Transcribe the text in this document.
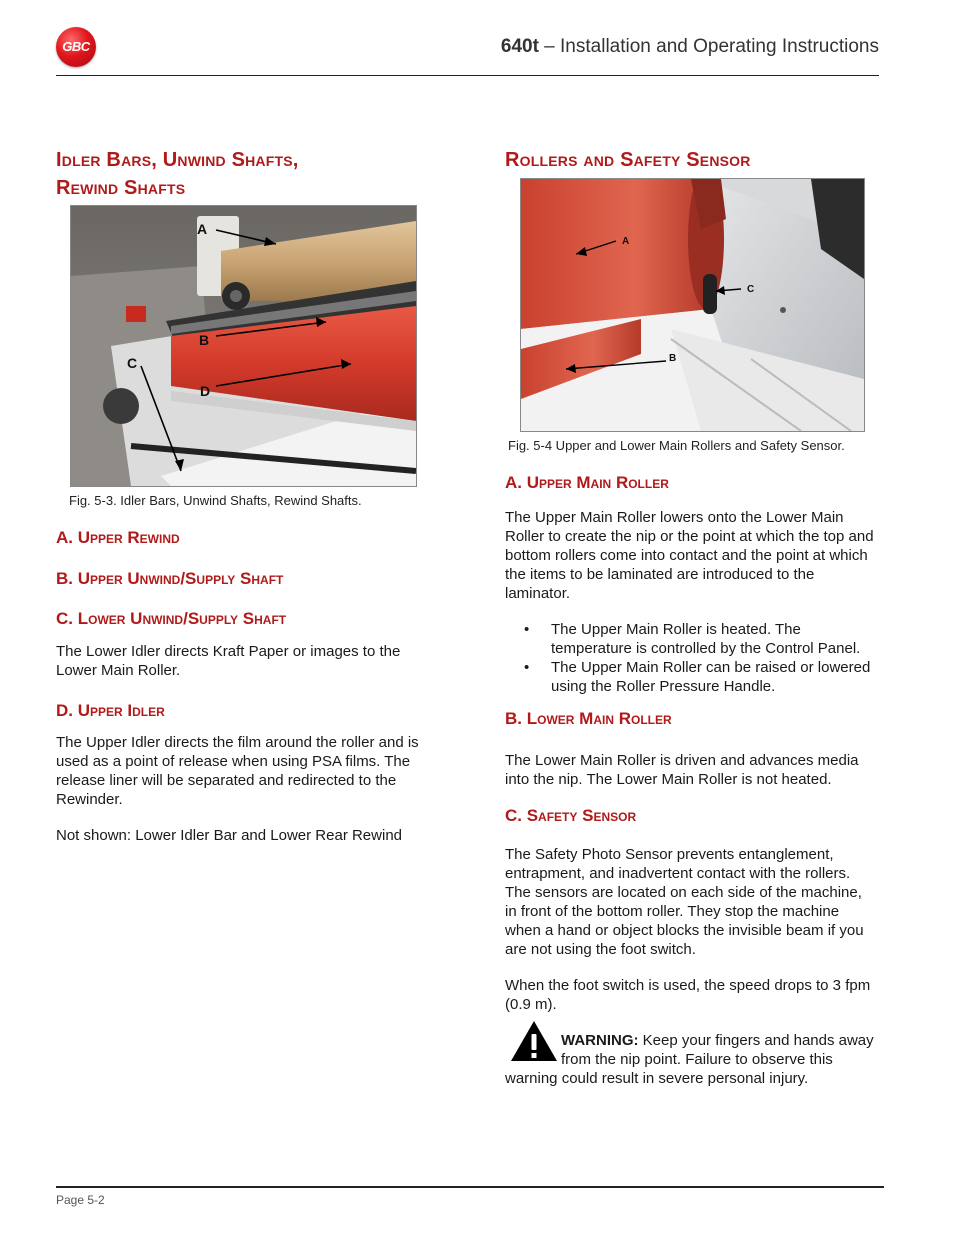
GBC	640t – Installation and Operating Instructions
Idler Bars, Unwind Shafts,
Rewind Shafts
A
B
C
D
Fig. 5-3. Idler Bars, Unwind Shafts, Rewind Shafts.
A. Upper Rewind
B. Upper Unwind/Supply Shaft
C. Lower Unwind/Supply Shaft
The Lower Idler directs Kraft Paper or images to the Lower Main Roller.
D. Upper Idler
The Upper Idler directs the film around the roller and is used as a point of release when using PSA films. The release liner will be separated and redirected to the Rewinder.
Not shown: Lower Idler Bar and Lower Rear Rewind
Rollers and Safety Sensor
A
B
C
Fig. 5-4 Upper and Lower Main Rollers and Safety Sensor.
A. Upper Main Roller
The Upper Main Roller lowers onto the Lower Main Roller to create the nip or the point at which the top and bottom rollers come into contact and the point at which the items to be laminated are introduced to the laminator.
• The Upper Main Roller is heated. The temperature is controlled by the Control Panel.
• The Upper Main Roller can be raised or lowered using the Roller Pressure Handle.
B. Lower Main Roller
The Lower Main Roller is driven and advances media into the nip. The Lower Main Roller is not heated.
C. Safety Sensor
The Safety Photo Sensor prevents entanglement, entrapment, and inadvertent contact with the rollers. The sensors are located on each side of the machine, in front of the bottom roller. They stop the machine when a hand or object blocks the invisible beam if you are not using the foot switch.
When the foot switch is used, the speed drops to 3 fpm (0.9 m).
WARNING: Keep your fingers and hands away from the nip point. Failure to observe this warning could result in severe personal injury.
Page 5-2
